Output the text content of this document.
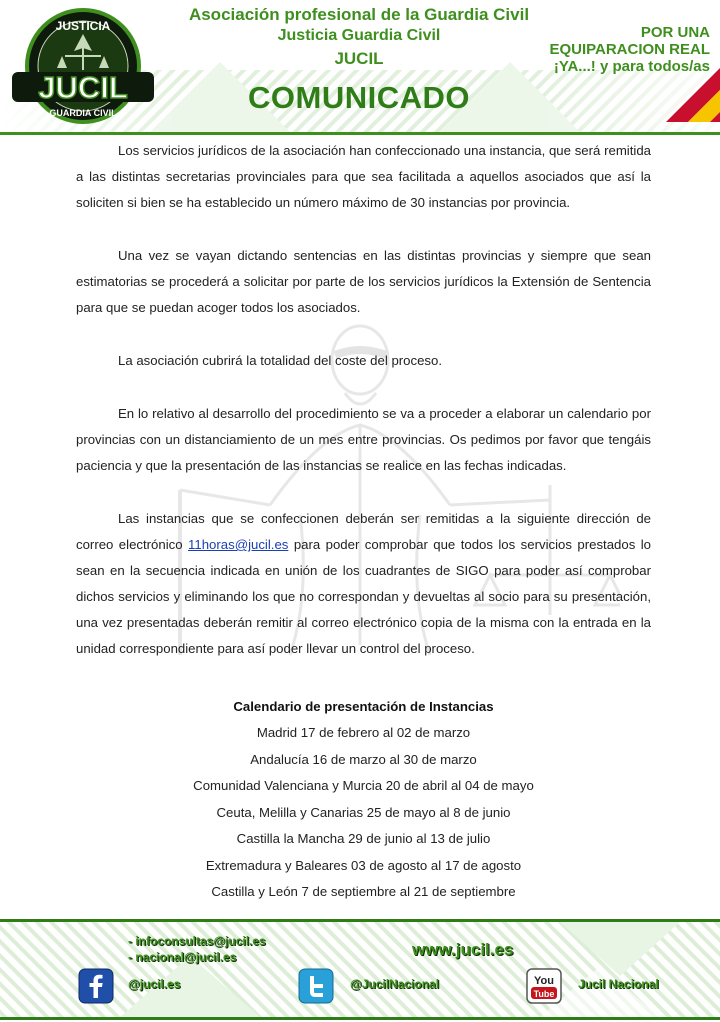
JUSTICIA
JUCIL
GUARDIA CIVIL
Asociación profesional de la Guardia Civil
Justicia Guardia Civil
JUCIL
COMUNICADO
POR UNA
EQUIPARACION REAL
¡YA...! y para todos/as

Los servicios jurídicos de la asociación han confeccionado una instancia, que será remitida a las distintas secretarias provinciales para que sea facilitada a aquellos asociados que así la soliciten si bien se ha establecido un número máximo de 30 instancias por provincia.

Una vez se vayan dictando sentencias en las distintas provincias y siempre que sean estimatorias se procederá a solicitar por parte de los servicios jurídicos la Extensión de Sentencia para que se puedan acoger todos los asociados.

La asociación cubrirá la totalidad del coste del proceso.

En lo relativo al desarrollo del procedimiento se va a proceder a elaborar un calendario por provincias con un distanciamiento de un mes entre provincias. Os pedimos por favor que tengáis paciencia y que la presentación de las instancias se realice en las fechas indicadas.

Las instancias que se confeccionen deberán ser remitidas a la siguiente dirección de correo electrónico 11horas@jucil.es para poder comprobar que todos los servicios prestados lo sean en la secuencia indicada en unión de los cuadrantes de SIGO para poder así comprobar dichos servicios y eliminando los que no correspondan y devueltas al socio para su presentación, una vez presentadas deberán remitir al correo electrónico copia de la misma con la entrada en la unidad correspondiente para así poder llevar un control del proceso.

Calendario de presentación de Instancias
Madrid 17 de febrero al 02 de marzo
Andalucía 16 de marzo al 30 de marzo
Comunidad Valenciana y Murcia 20 de abril al 04 de mayo
Ceuta, Melilla y Canarias 25 de mayo al 8 de junio
Castilla la Mancha 29 de junio al 13 de julio
Extremadura y Baleares 03 de agosto al 17 de agosto
Castilla y León 7 de septiembre al 21 de septiembre
- infoconsultas@jucil.es
- nacional@jucil.es	www.jucil.es
@jucil.es	@JucilNacional	You
Tube
Jucil Nacional
